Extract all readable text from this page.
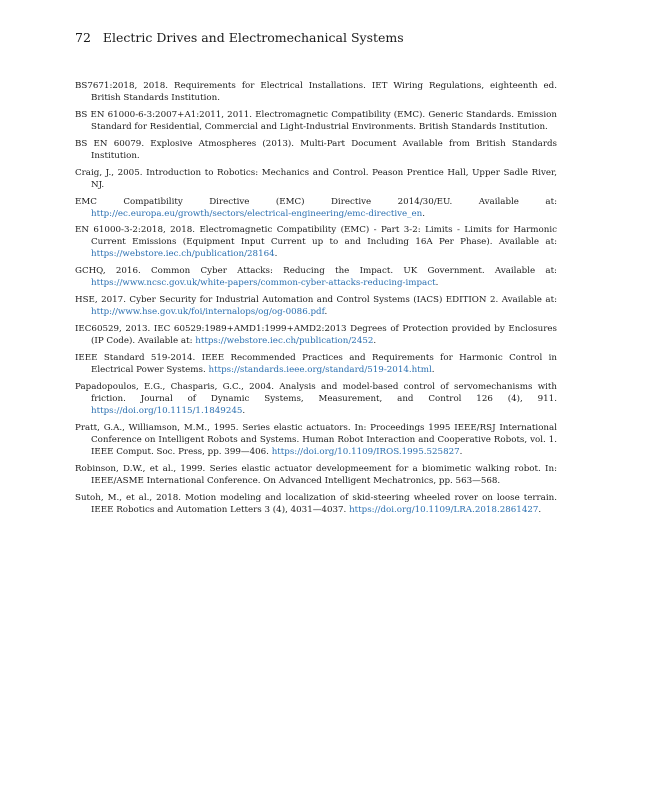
72 Electric Drives and Electromechanical Systems

BS7671:2018, 2018. Requirements for Electrical Installations. IET Wiring Regulations, eighteenth ed. British Standards Institution.

BS EN 61000-6-3:2007+A1:2011, 2011. Electromagnetic Compatibility (EMC). Generic Standards. Emission Standard for Residential, Commercial and Light-Industrial Environments. British Standards Institution.

BS EN 60079. Explosive Atmospheres (2013). Multi-Part Document Available from British Standards Institution.

Craig, J., 2005. Introduction to Robotics: Mechanics and Control. Peason Prentice Hall, Upper Sadle River, NJ.

EMC Compatibility Directive (EMC) Directive 2014/30/EU. Available at: http://ec.europa.eu/growth/sectors/electrical-engineering/emc-directive_en.

EN 61000-3-2:2018, 2018. Electromagnetic Compatibility (EMC) - Part 3-2: Limits - Limits for Harmonic Current Emissions (Equipment Input Current up to and Including 16A Per Phase). Available at: https://webstore.iec.ch/publication/28164.

GCHQ, 2016. Common Cyber Attacks: Reducing the Impact. UK Government. Available at: https://www.ncsc.gov.uk/white-papers/common-cyber-attacks-reducing-impact.

HSE, 2017. Cyber Security for Industrial Automation and Control Systems (IACS) EDITION 2. Available at: http://www.hse.gov.uk/foi/internalops/og/og-0086.pdf.

IEC60529, 2013. IEC 60529:1989+AMD1:1999+AMD2:2013 Degrees of Protection provided by Enclosures (IP Code). Available at: https://webstore.iec.ch/publication/2452.

IEEE Standard 519-2014. IEEE Recommended Practices and Requirements for Harmonic Control in Electrical Power Systems. https://standards.ieee.org/standard/519-2014.html.

Papadopoulos, E.G., Chasparis, G.C., 2004. Analysis and model-based control of servomechanisms with friction. Journal of Dynamic Systems, Measurement, and Control 126 (4), 911. https://doi.org/10.1115/1.1849245.

Pratt, G.A., Williamson, M.M., 1995. Series elastic actuators. In: Proceedings 1995 IEEE/RSJ International Conference on Intelligent Robots and Systems. Human Robot Interaction and Cooperative Robots, vol. 1. IEEE Comput. Soc. Press, pp. 399—406. https://doi.org/10.1109/IROS.1995.525827.

Robinson, D.W., et al., 1999. Series elastic actuator developmeement for a biomimetic walking robot. In: IEEE/ASME International Conference. On Advanced Intelligent Mechatronics, pp. 563—568.

Sutoh, M., et al., 2018. Motion modeling and localization of skid-steering wheeled rover on loose terrain. IEEE Robotics and Automation Letters 3 (4), 4031—4037. https://doi.org/10.1109/LRA.2018.2861427.
